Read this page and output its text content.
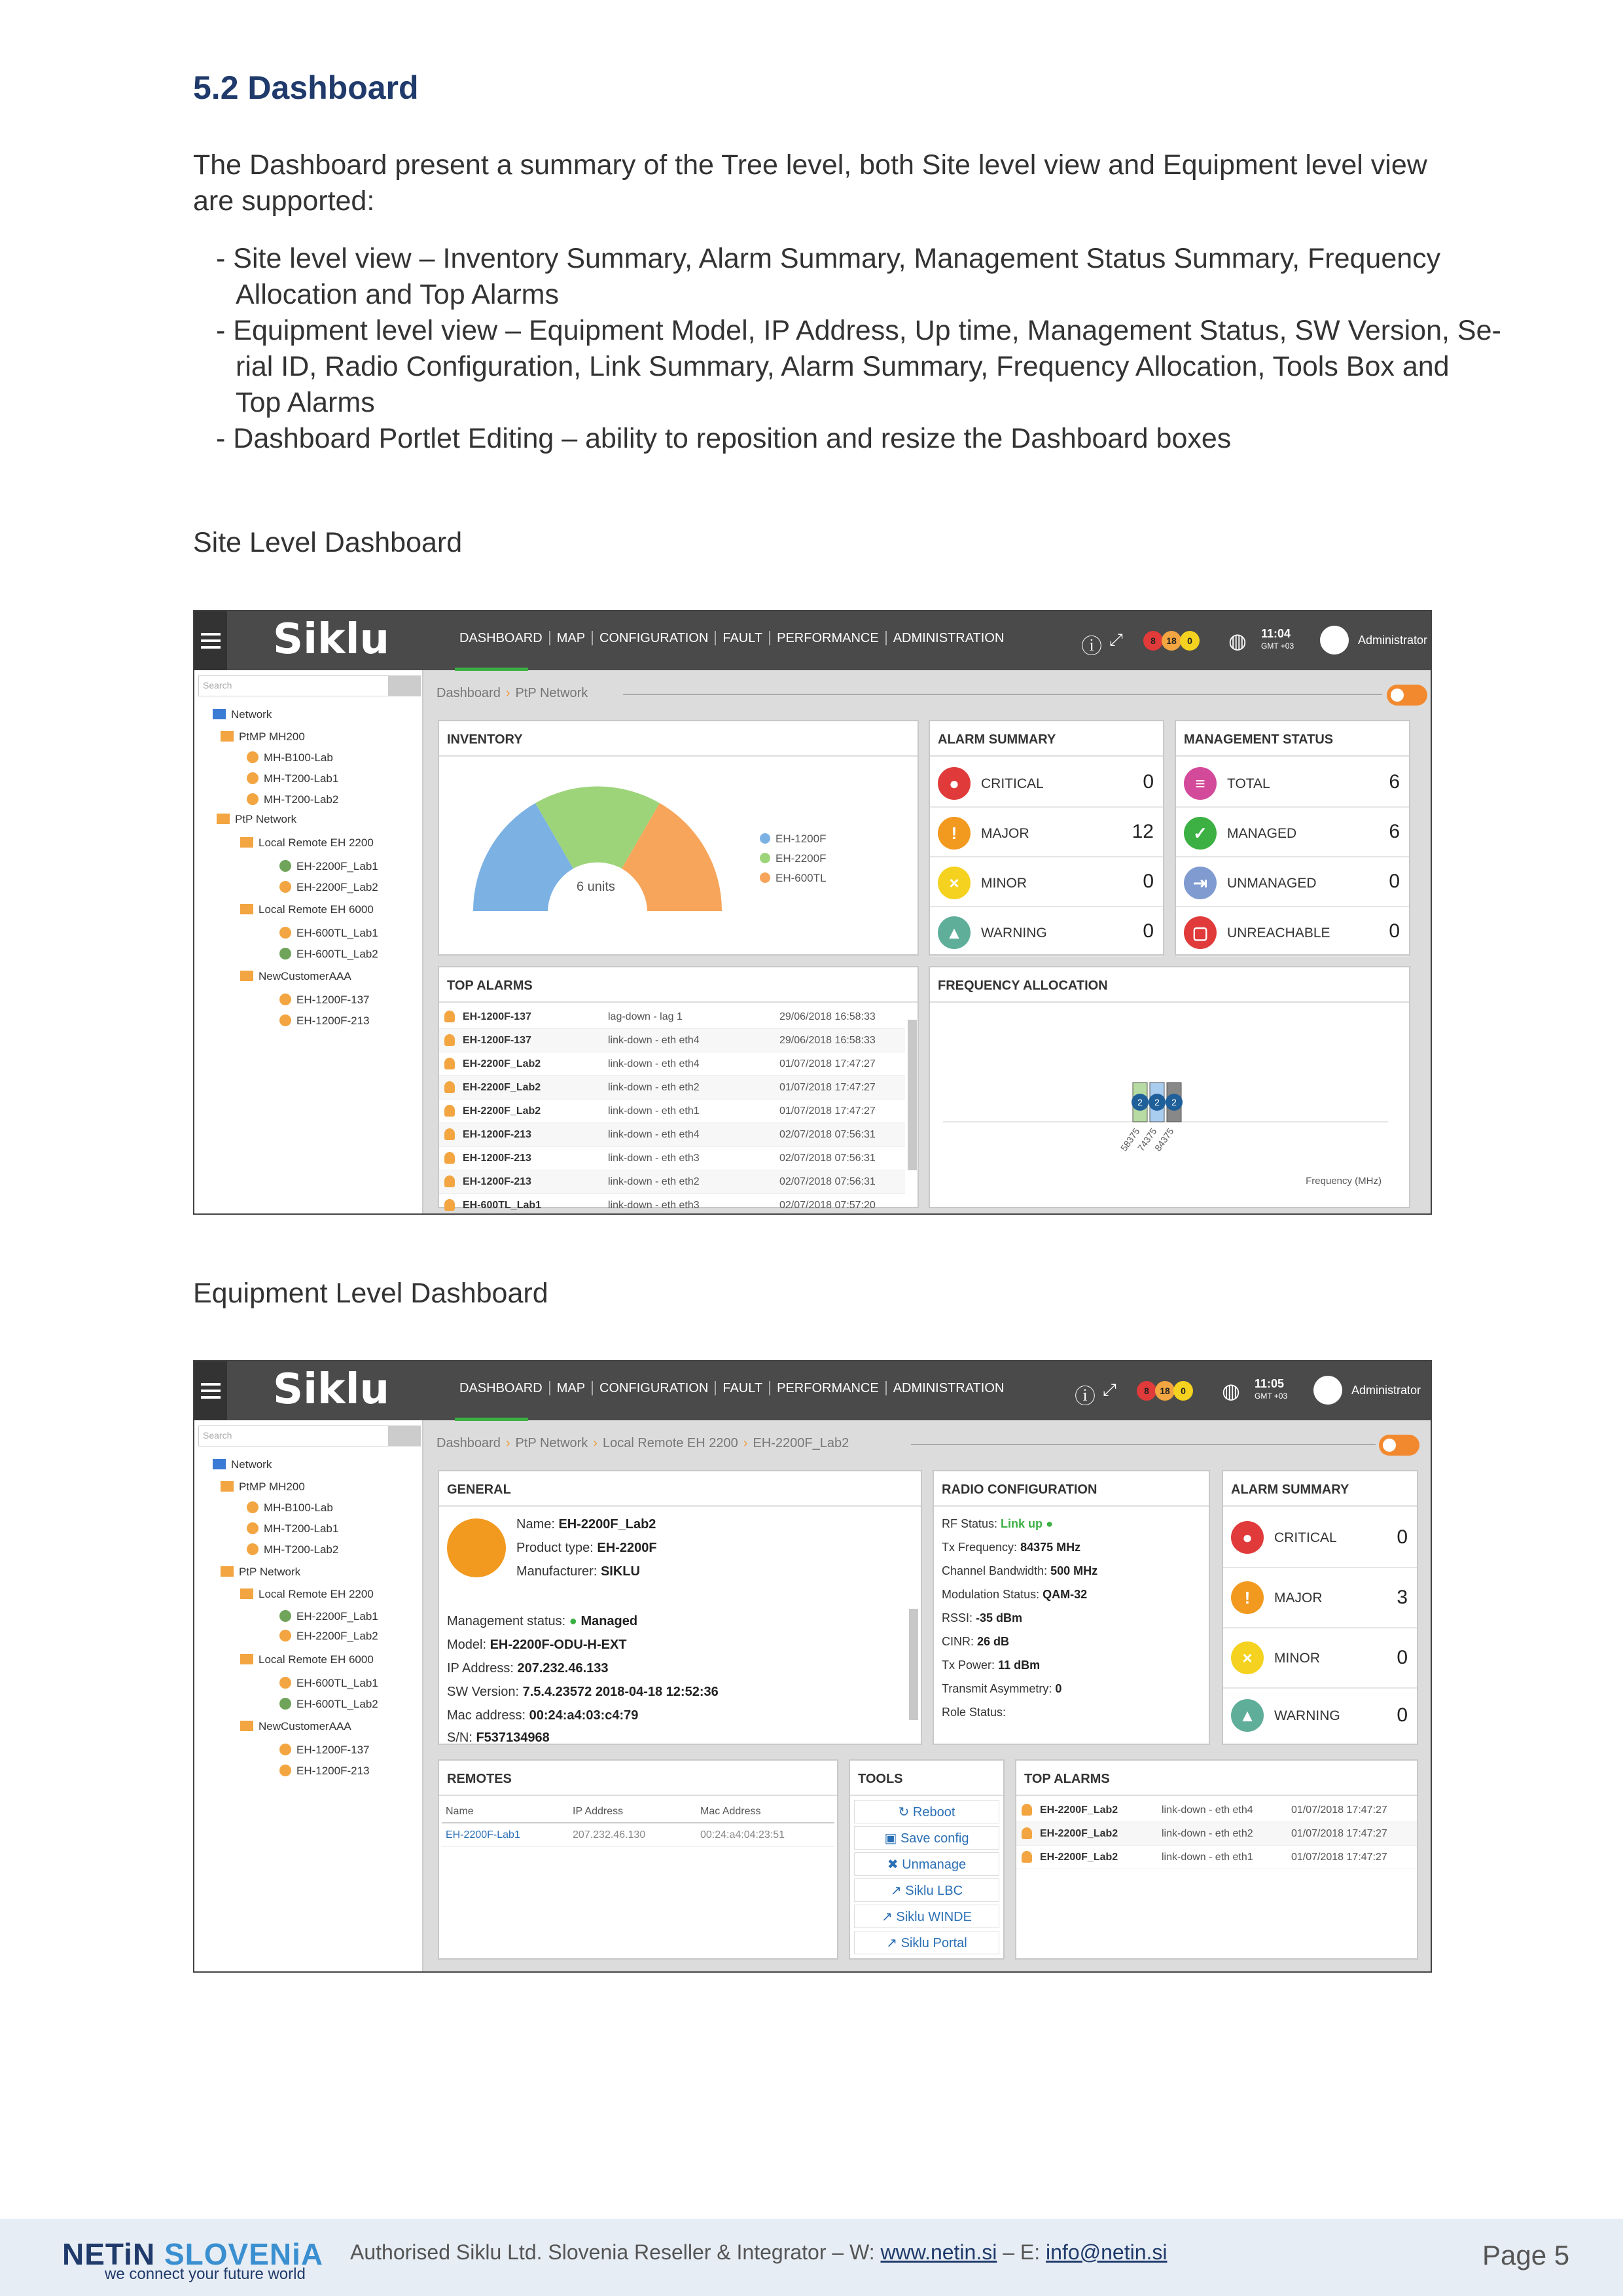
5.2 Dashboard
The Dashboard present a summary of the Tree level, both Site level view and Equipment level view are supported:
- Site level view – Inventory Summary, Alarm Summary, Management Status Summary, Frequency
Allocation and Top Alarms
- Equipment level view – Equipment Model, IP Address, Up time, Management Status, SW Version, Se-
rial ID, Radio Configuration, Link Summary, Alarm Summary, Frequency Allocation, Tools Box and
Top Alarms
- Dashboard Portlet Editing – ability to reposition and resize the Dashboard boxes
Site Level Dashboard
Siklu	DASHBOARD MAP CONFIGURATION FAULT PERFORMANCE ADMINISTRATION	ⓘ ⤢	8	18	0	◍ 11:04
GMT +03	Administrator
Search
Network
PtMP MH200
MH-B100-Lab
MH-T200-Lab1
MH-T200-Lab2
PtP Network
Local Remote EH 2200
EH-2200F_Lab1
EH-2200F_Lab2
Local Remote EH 6000
EH-600TL_Lab1
EH-600TL_Lab2
NewCustomerAAA
EH-1200F-137
EH-1200F-213
Dashboard › PtP Network
INVENTORY
6 units
EH-1200F
EH-2200F
EH-600TL
ALARM SUMMARY
●	CRITICAL	0
!	MAJOR	12
×	MINOR	0
▲	WARNING	0
MANAGEMENT STATUS
≡	TOTAL	6
✓	MANAGED	6
⇥	UNMANAGED	0
▢	UNREACHABLE	0
TOP ALARMS
EH-1200F-137	lag-down - lag 1	29/06/2018 16:58:33
EH-1200F-137	link-down - eth eth4	29/06/2018 16:58:33
EH-2200F_Lab2	link-down - eth eth4	01/07/2018 17:47:27
EH-2200F_Lab2	link-down - eth eth2	01/07/2018 17:47:27
EH-2200F_Lab2	link-down - eth eth1	01/07/2018 17:47:27
EH-1200F-213	link-down - eth eth4	02/07/2018 07:56:31
EH-1200F-213	link-down - eth eth3	02/07/2018 07:56:31
EH-1200F-213	link-down - eth eth2	02/07/2018 07:56:31
EH-600TL_Lab1	link-down - eth eth3	02/07/2018 07:57:20
FREQUENCY ALLOCATION
2
58375
2
74375
2
84375
Frequency (MHz)
Equipment Level Dashboard
Siklu	DASHBOARD MAP CONFIGURATION FAULT PERFORMANCE ADMINISTRATION	ⓘ ⤢	8	18	0	◍ 11:05
GMT +03	Administrator
Search
Network
PtMP MH200
MH-B100-Lab
MH-T200-Lab1
MH-T200-Lab2
PtP Network
Local Remote EH 2200
EH-2200F_Lab1
EH-2200F_Lab2
Local Remote EH 6000
EH-600TL_Lab1
EH-600TL_Lab2
NewCustomerAAA
EH-1200F-137
EH-1200F-213
Dashboard › PtP Network › Local Remote EH 2200 › EH-2200F_Lab2
GENERAL
Name: EH-2200F_Lab2
Product type: EH-2200F
Manufacturer: SIKLU
Management status: ● Managed
Model: EH-2200F-ODU-H-EXT
IP Address: 207.232.46.133
SW Version: 7.5.4.23572 2018-04-18 12:52:36
Mac address: 00:24:a4:03:c4:79
S/N: F537134968
RADIO CONFIGURATION
RF Status: Link up ●
Tx Frequency: 84375 MHz
Channel Bandwidth: 500 MHz
Modulation Status: QAM-32
RSSI: -35 dBm
CINR: 26 dB
Tx Power: 11 dBm
Transmit Asymmetry: 0
Role Status:
ALARM SUMMARY
●	CRITICAL	0
!	MAJOR	3
×	MINOR	0
▲	WARNING	0
REMOTES
Name	IP Address	Mac Address
EH-2200F-Lab1	207.232.46.130	00:24:a4:04:23:51
TOOLS
↻ Reboot
▣ Save config
✖ Unmanage
↗ Siklu LBC
↗ Siklu WINDE
↗ Siklu Portal
TOP ALARMS
EH-2200F_Lab2	link-down - eth eth4	01/07/2018 17:47:27
EH-2200F_Lab2	link-down - eth eth2	01/07/2018 17:47:27
EH-2200F_Lab2	link-down - eth eth1	01/07/2018 17:47:27
NETiN SLOVENiA
we connect your future world
Authorised Siklu Ltd. Slovenia Reseller & Integrator – W: www.netin.si – E: info@netin.si	Page 5
